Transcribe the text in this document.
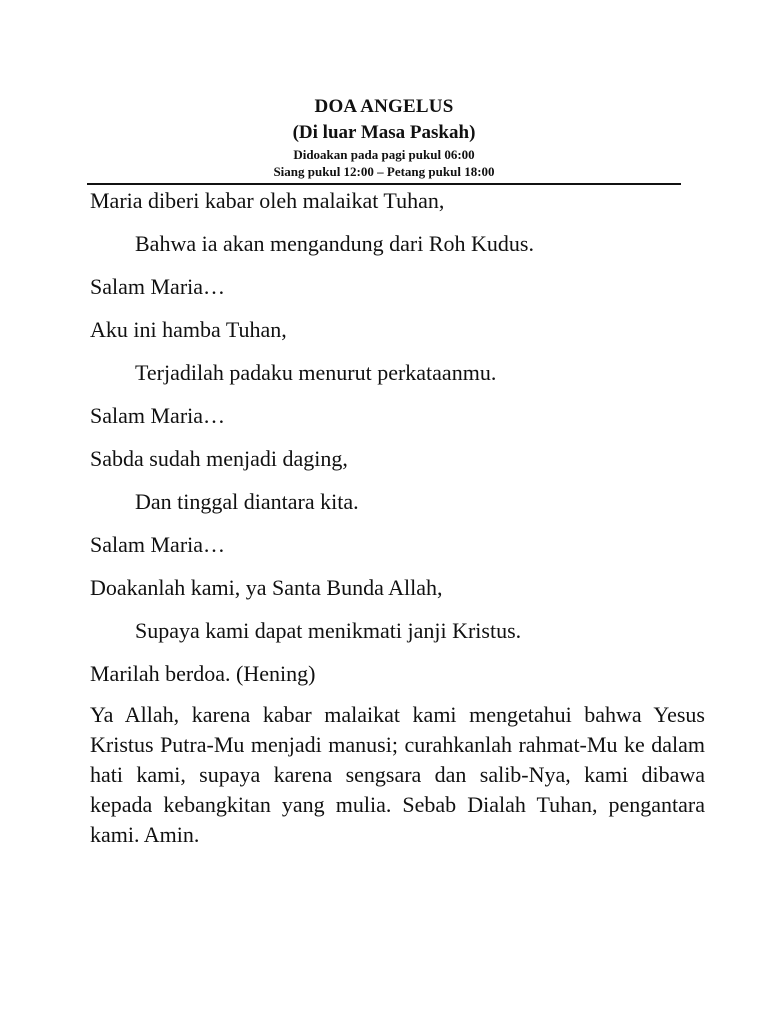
DOA ANGELUS
(Di luar Masa Paskah)
Didoakan pada pagi pukul 06:00
Siang pukul 12:00 – Petang pukul 18:00
Maria diberi kabar oleh malaikat Tuhan,
Bahwa ia akan mengandung dari Roh Kudus.
Salam Maria…
Aku ini hamba Tuhan,
Terjadilah padaku menurut perkataanmu.
Salam Maria…
Sabda sudah menjadi daging,
Dan tinggal diantara kita.
Salam Maria…
Doakanlah kami, ya Santa Bunda Allah,
Supaya kami dapat menikmati janji Kristus.
Marilah berdoa. (Hening)
Ya Allah, karena kabar malaikat kami mengetahui bahwa Yesus Kristus Putra-Mu menjadi manusi; curahkanlah rahmat-Mu ke dalam hati kami, supaya karena sengsara dan salib-Nya, kami dibawa kepada kebangkitan yang mulia. Sebab Dialah Tuhan, pengantara kami. Amin.
